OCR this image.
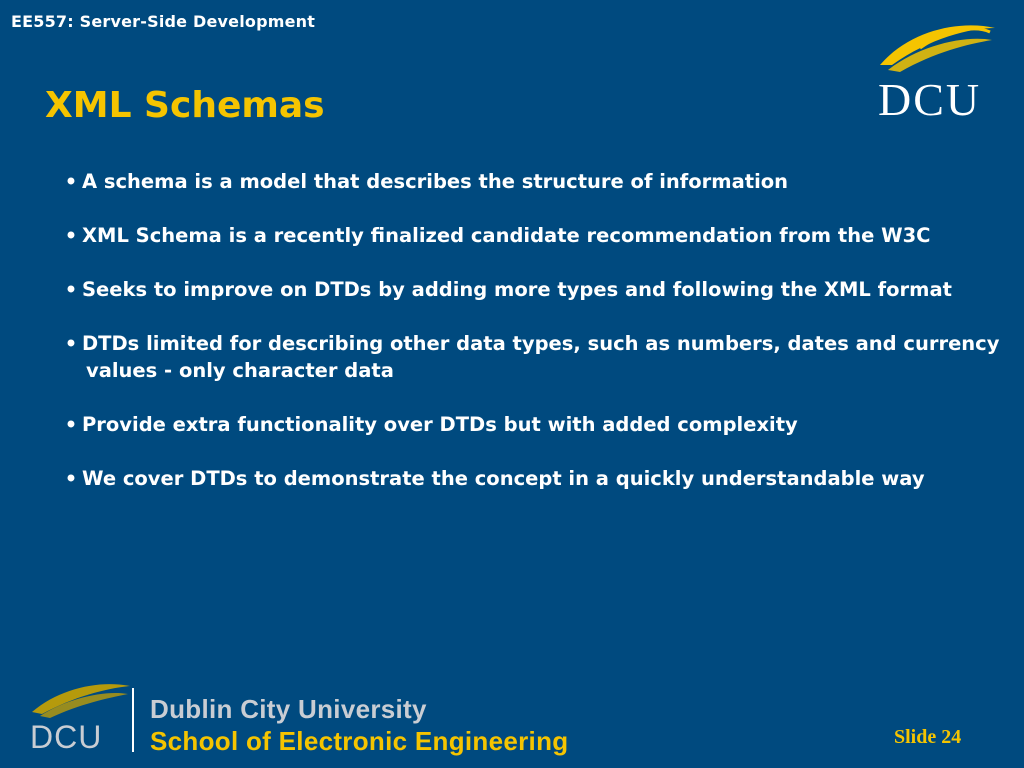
EE557: Server-Side Development
XML Schemas	DCU
• A schema is a model that describes the structure of information
• XML Schema is a recently finalized candidate recommendation from the W3C
• Seeks to improve on DTDs by adding more types and following the XML format
• DTDs limited for describing other data types, such as numbers, dates and currency values - only character data
• Provide extra functionality over DTDs but with added complexity
• We cover DTDs to demonstrate the concept in a quickly understandable way
DCU
Dublin City University
School of Electronic Engineering	Slide 24
